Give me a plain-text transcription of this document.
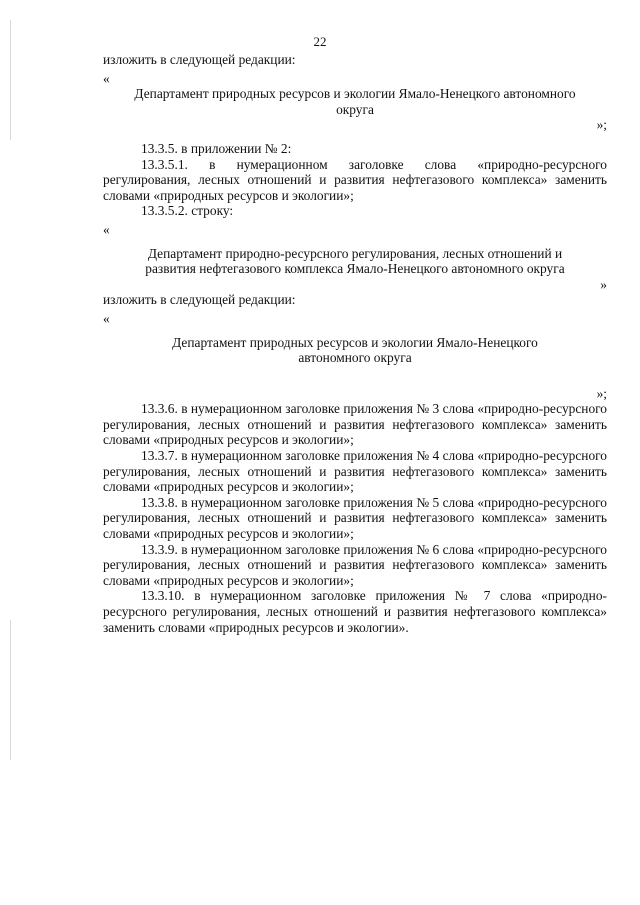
22

изложить в следующей редакции:

«

Департамент природных ресурсов и экологии Ямало-Ненецкого автономного

округа

»;

13.3.5. в приложении № 2:

13.3.5.1. в нумерационном заголовке слова «природно-ресурсного регулирования, лесных отношений и развития нефтегазового комплекса» заменить словами «природных ресурсов и экологии»;

13.3.5.2. строку:

«

Департамент природно-ресурсного регулирования, лесных отношений и

развития нефтегазового комплекса Ямало-Ненецкого автономного округа

»

изложить в следующей редакции:

«

Департамент природных ресурсов и экологии Ямало-Ненецкого

автономного округа

»;

13.3.6. в нумерационном заголовке приложения № 3 слова «природно-ресурсного регулирования, лесных отношений и развития нефтегазового комплекса» заменить словами «природных ресурсов и экологии»;

13.3.7. в нумерационном заголовке приложения № 4 слова «природно-ресурсного регулирования, лесных отношений и развития нефтегазового комплекса» заменить словами «природных ресурсов и экологии»;

13.3.8. в нумерационном заголовке приложения № 5 слова «природно-ресурсного регулирования, лесных отношений и развития нефтегазового комплекса» заменить словами «природных ресурсов и экологии»;

13.3.9. в нумерационном заголовке приложения № 6 слова «природно-ресурсного регулирования, лесных отношений и развития нефтегазового комплекса» заменить словами «природных ресурсов и экологии»;

13.3.10. в нумерационном заголовке приложения № 7 слова «природно-ресурсного регулирования, лесных отношений и развития нефтегазового комплекса» заменить словами «природных ресурсов и экологии».
